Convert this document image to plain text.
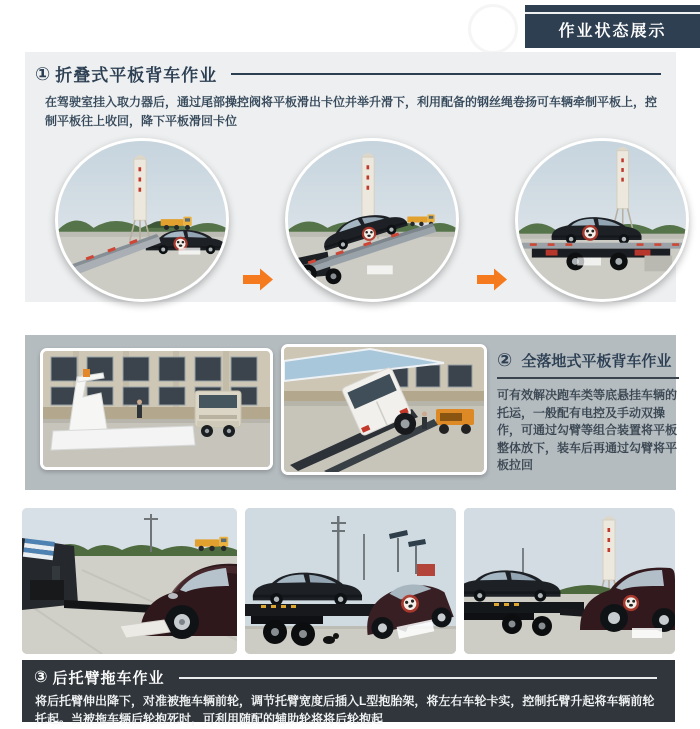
作业状态展示
① 折叠式平板背车作业
在驾驶室挂入取力器后，通过尾部操控阀将平板滑出卡位并举升滑下，利用配备的钢丝绳卷扬可车辆牵制平板上，控制平板往上收回，降下平板滑回卡位
② 全落地式平板背车作业
可有效解决跑车类等底悬挂车辆的托运，一般配有电控及手动双操作，可通过勾臂等组合装置将平板整体放下，装车后再通过勾臂将平板拉回
③ 后托臂拖车作业
将后托臂伸出降下，对准被拖车辆前轮，调节托臂宽度后插入L型抱胎架，将左右车轮卡实，控制托臂升起将车辆前轮托起。当被拖车辆后轮抱死时，可利用随配的辅助轮将将后轮抱起
